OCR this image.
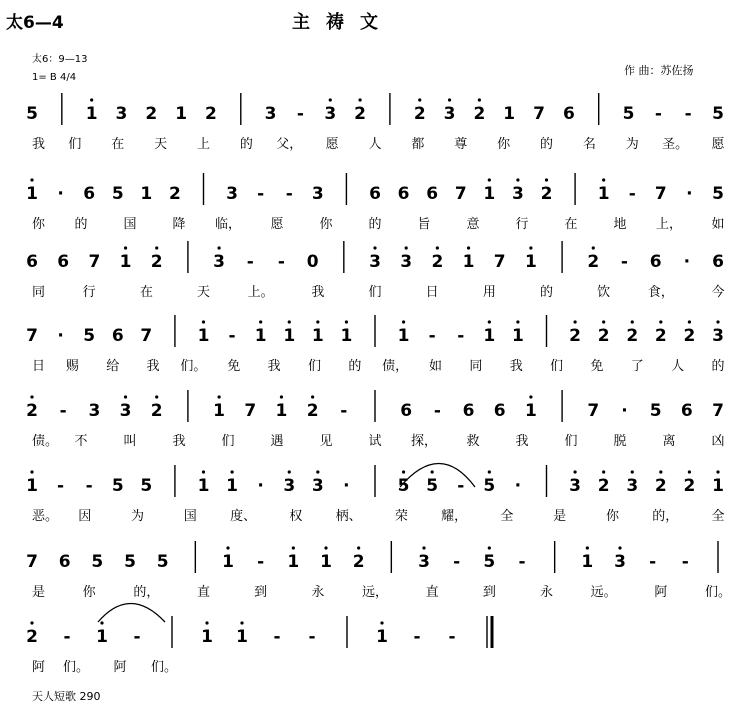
太6—4	主祷文
太6：9—13
1= B 4/4
作 曲：苏佐扬
天人短歌 290
5	1 3 2 1 2	3 - 3 2	2 3 2 1 7 6	5 - - 5
我 们 在 天 上 的 父， 愿 人 都 尊 你 的 名 为 圣。 愿
1 · 6 5 1 2	3 - - 3	6 6 6 7 1 3 2	1 - 7 · 5
你 的	国	降 临， 愿	你	的	旨	意	行	在	地 上， 如
6 6 7 1 2	3 - - 0	3 3 2 1 7 1	2 - 6 · 6
同	行	在	天	上。	我	们	日	用	的	饮	食，	今
7 · 5 6 7	1 - 1 1 1 1	1 - - 1 1	2 2 2 2 2 3
日 赐 给 我 们。 免 我 们 的 债， 如 同 我 们 免 了 人 的
2 - 3 3 2	1 7 1 2 -	6 - 6 6 1	7 · 5 6 7
债。 不	叫	我	们	遇	见	试 探， 救	我	们	脱	离	凶
1 - - 5 5	1 1 · 3 3 ·	5 5 - 5 ·	3 2 3 2 2 1
恶。 因	为	国	度、	权	柄、	荣	耀，	全	是	你	的，	全
7 6 5 5 5	1 - 1 1 2	3 - 5 -	1 3 - -
是	你	的，	直	到	永	远，	直	到	永	远。	阿	们。
2 - 1 -	1 1 - -	1 - -
阿 们。 阿 们。
